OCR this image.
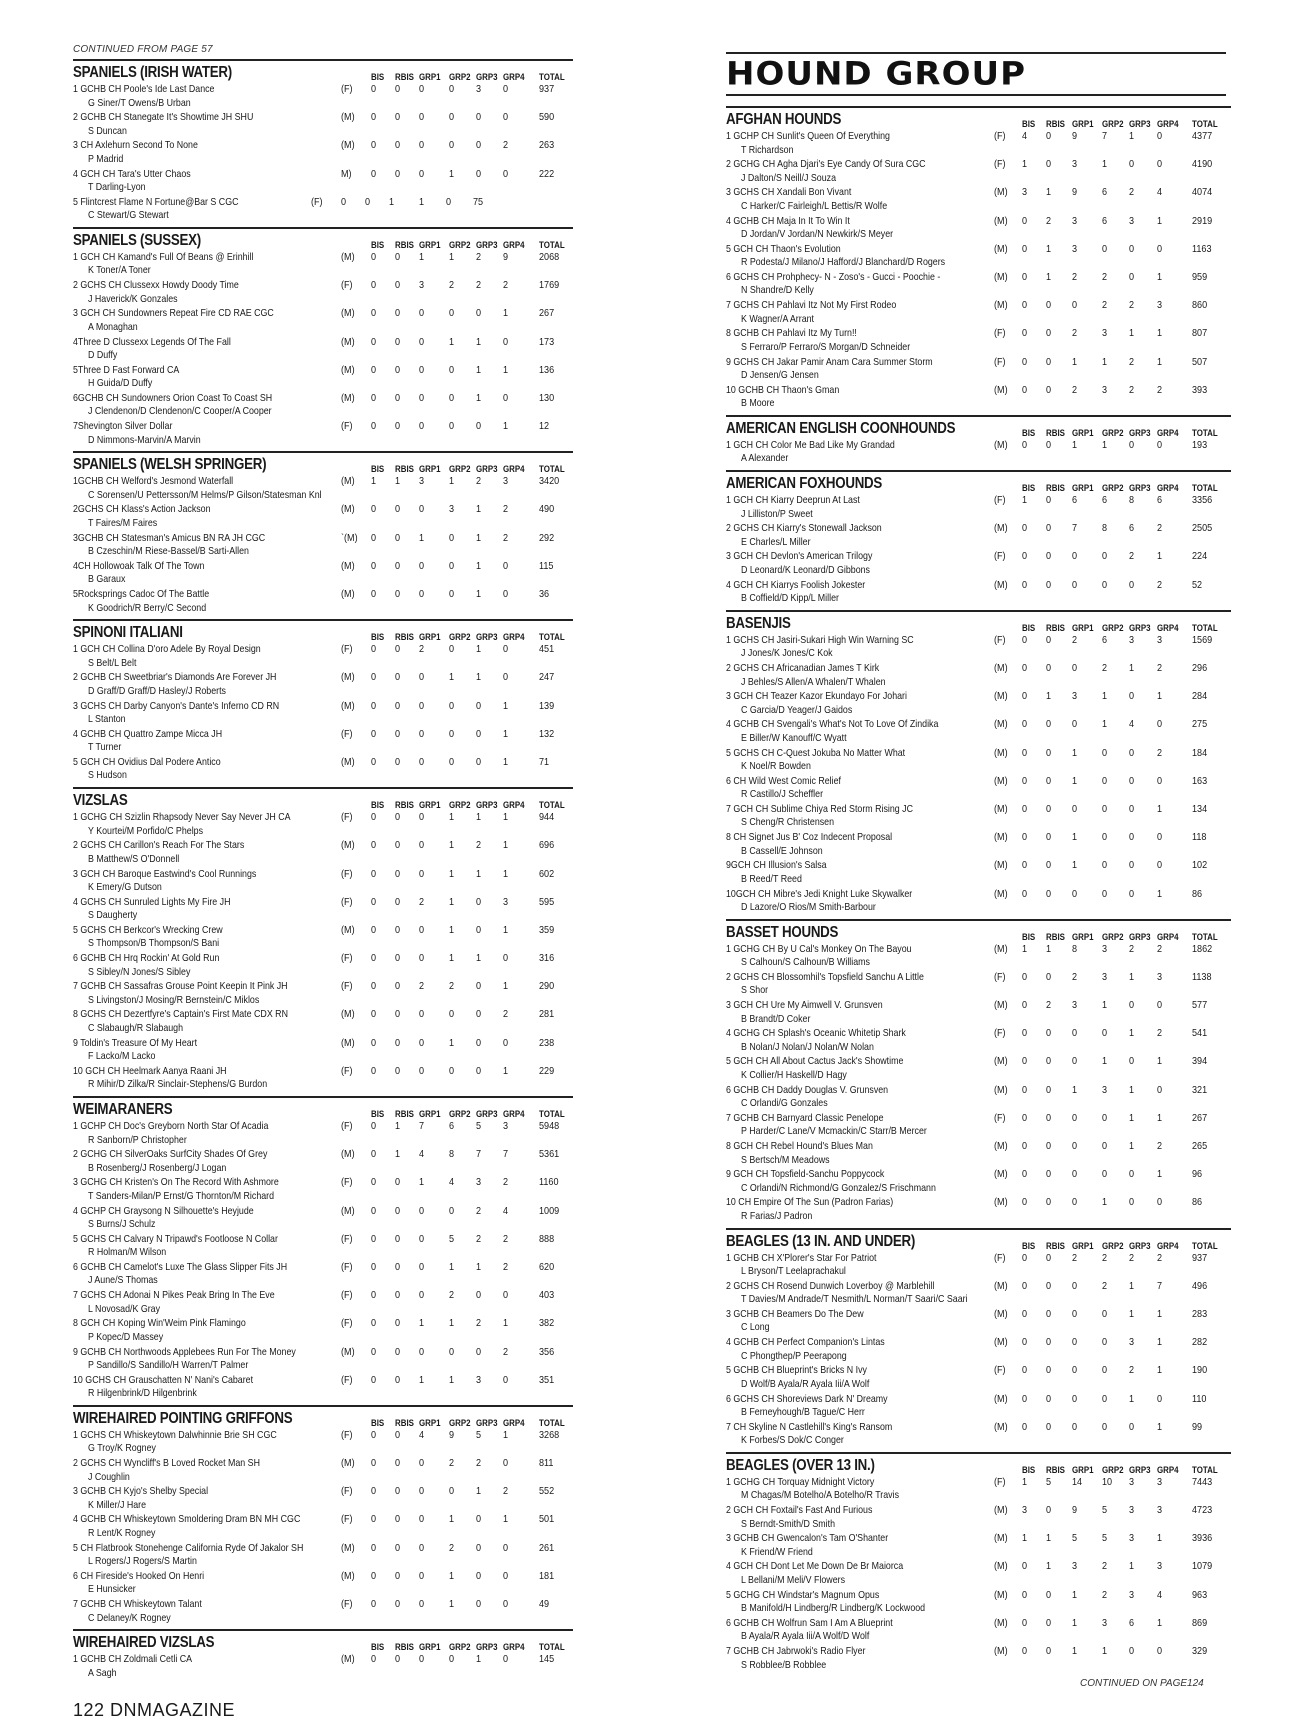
CONTINUED FROM PAGE 57
SPANIELS (IRISH WATER)	BIS RBIS GRP1 GRP2 GRP3 GRP4 TOTAL
1 GCHB CH Poole's Ide Last Dance	(F) 0 0 0 0 3 0	937
G Siner/T Owens/B Urban
2 GCHB CH Stanegate It's Showtime JH SHU	(M) 0 0 0 0 0 0	590
S Duncan
3 CH Axlehurn Second To None	(M) 0 0 0 0 0 2	263
P Madrid
4 GCH CH Tara's Utter Chaos	M) 0 0 0 1 0 0	222
T Darling-Lyon
5 Flintcrest Flame N Fortune@Bar S CGC	(F) 0 0 1 1 0 75
C Stewart/G Stewart
SPANIELS (SUSSEX)	BIS RBIS GRP1 GRP2 GRP3 GRP4 TOTAL
1 GCH CH Kamand's Full Of Beans @ Erinhill	(M) 0 0 1 1 2 9	2068
K Toner/A Toner
2 GCHS CH Clussexx Howdy Doody Time	(F) 0 0 3 2 2 2	1769
J Haverick/K Gonzales
3 GCH CH Sundowners Repeat Fire CD RAE CGC	(M) 0 0 0 0 0 1	267
A Monaghan
4Three D Clussexx Legends Of The Fall	(M) 0 0 0 1 1 0	173
D Duffy
5Three D Fast Forward CA	(M) 0 0 0 0 1 1	136
H Guida/D Duffy
6GCHB CH Sundowners Orion Coast To Coast SH	(M) 0 0 0 0 1 0	130
J Clendenon/D Clendenon/C Cooper/A Cooper
7Shevington Silver Dollar	(F) 0 0 0 0 0 1	12
D Nimmons-Marvin/A Marvin
SPANIELS (WELSH SPRINGER)	BIS RBIS GRP1 GRP2 GRP3 GRP4 TOTAL
1GCHB CH Welford's Jesmond Waterfall	(M) 1 1 3 1 2 3	3420
C Sorensen/U Pettersson/M Helms/P Gilson/Statesman Knl
2GCHS CH Klass's Action Jackson	(M) 0 0 0 3 1 2	490
T Faires/M Faires
3GCHB CH Statesman's Amicus BN RA JH CGC	`(M) 0 0 1 0 1 2	292
B Czeschin/M Riese-Bassel/B Sarti-Allen
4CH Hollowoak Talk Of The Town	(M) 0 0 0 0 1 0	115
B Garaux
5Rocksprings Cadoc Of The Battle	(M) 0 0 0 0 1 0	36
K Goodrich/R Berry/C Second
SPINONI ITALIANI	BIS RBIS GRP1 GRP2 GRP3 GRP4 TOTAL
1 GCH CH Collina D'oro Adele By Royal Design	(F) 0 0 2 0 1 0	451
S Belt/L Belt
2 GCHB CH Sweetbriar's Diamonds Are Forever JH	(M) 0 0 0 1 1 0	247
D Graff/D Graff/D Hasley/J Roberts
3 GCHS CH Darby Canyon's Dante's Inferno CD RN	(M) 0 0 0 0 0 1	139
L Stanton
4 GCHB CH Quattro Zampe Micca JH	(F) 0 0 0 0 0 1	132
T Turner
5 GCH CH Ovidius Dal Podere Antico	(M) 0 0 0 0 0 1	71
S Hudson
VIZSLAS	BIS RBIS GRP1 GRP2 GRP3 GRP4 TOTAL
1 GCHG CH Szizlin Rhapsody Never Say Never JH CA	(F) 0 0 0 1 1 1	944
Y Kourtei/M Porfido/C Phelps
2 GCHS CH Carillon's Reach For The Stars	(M) 0 0 0 1 2 1	696
B Matthew/S O'Donnell
3 GCH CH Baroque Eastwind's Cool Runnings	(F) 0 0 0 1 1 1	602
K Emery/G Dutson
4 GCHS CH Sunruled Lights My Fire JH	(F) 0 0 2 1 0 3	595
S Daugherty
5 GCHS CH Berkcor's Wrecking Crew	(M) 0 0 0 1 0 1	359
S Thompson/B Thompson/S Bani
6 GCHB CH Hrq Rockin' At Gold Run	(F) 0 0 0 1 1 0	316
S Sibley/N Jones/S Sibley
7 GCHB CH Sassafras Grouse Point Keepin It Pink JH	(F) 0 0 2 2 0 1	290
S Livingston/J Mosing/R Bernstein/C Miklos
8 GCHS CH Dezertfyre's Captain's First Mate CDX RN	(M) 0 0 0 0 0 2	281
C Slabaugh/R Slabaugh
9 Toldin's Treasure Of My Heart	(M) 0 0 0 1 0 0	238
F Lacko/M Lacko
10 GCH CH Heelmark Aanya Raani JH	(F) 0 0 0 0 0 1	229
R Mihir/D Zilka/R Sinclair-Stephens/G Burdon
WEIMARANERS	BIS RBIS GRP1 GRP2 GRP3 GRP4 TOTAL
1 GCHP CH Doc's Greyborn North Star Of Acadia	(F) 0 1 7 6 5 3	5948
R Sanborn/P Christopher
2 GCHG CH SilverOaks SurfCity Shades Of Grey	(M) 0 1 4 8 7 7	5361
B Rosenberg/J Rosenberg/J Logan
3 GCHG CH Kristen's On The Record With Ashmore	(F) 0 0 1 4 3 2	1160
T Sanders-Milan/P Ernst/G Thornton/M Richard
4 GCHP CH Graysong N Silhouette's Heyjude	(M) 0 0 0 0 2 4	1009
S Burns/J Schulz
5 GCHS CH Calvary N Tripawd's Footloose N Collar	(F) 0 0 0 5 2 2	888
R Holman/M Wilson
6 GCHB CH Camelot's Luxe The Glass Slipper Fits JH	(F) 0 0 0 1 1 2	620
J Aune/S Thomas
7 GCHS CH Adonai N Pikes Peak Bring In The Eve	(F) 0 0 0 2 0 0	403
L Novosad/K Gray
8 GCH CH Koping Win'Weim Pink Flamingo	(F) 0 0 1 1 2 1	382
P Kopec/D Massey
9 GCHB CH Northwoods Applebees Run For The Money	(M) 0 0 0 0 0 2	356
P Sandillo/S Sandillo/H Warren/T Palmer
10 GCHS CH Grauschatten N' Nani's Cabaret	(F) 0 0 1 1 3 0	351
R Hilgenbrink/D Hilgenbrink
WIREHAIRED POINTING GRIFFONS	BIS RBIS GRP1 GRP2 GRP3 GRP4 TOTAL
1 GCHS CH Whiskeytown Dalwhinnie Brie SH CGC	(F) 0 0 4 9 5 1	3268
G Troy/K Rogney
2 GCHS CH Wyncliff's B Loved Rocket Man SH	(M) 0 0 0 2 2 0	811
J Coughlin
3 GCHB CH Kyjo's Shelby Special	(F) 0 0 0 0 1 2	552
K Miller/J Hare
4 GCHB CH Whiskeytown Smoldering Dram BN MH CGC	(F) 0 0 0 1 0 1	501
R Lent/K Rogney
5 CH Flatbrook Stonehenge California Ryde Of Jakalor SH	(M) 0 0 0 2 0 0	261
L Rogers/J Rogers/S Martin
6 CH Fireside's Hooked On Henri	(M) 0 0 0 1 0 0	181
E Hunsicker
7 GCHB CH Whiskeytown Talant	(F) 0 0 0 1 0 0	49
C Delaney/K Rogney
WIREHAIRED VIZSLAS	BIS RBIS GRP1 GRP2 GRP3 GRP4 TOTAL
1 GCHB CH Zoldmali Cetli CA	(M) 0 0 0 0 1 0	145
A Sagh
HOUND GROUP
AFGHAN HOUNDS	BIS RBIS GRP1 GRP2 GRP3 GRP4 TOTAL
1 GCHP CH Sunlit's Queen Of Everything	(F) 4 0 9 7 1 0	4377
T Richardson
2 GCHG CH Agha Djari's Eye Candy Of Sura CGC	(F) 1 0 3 1 0 0	4190
J Dalton/S Neill/J Souza
3 GCHS CH Xandali Bon Vivant	(M) 3 1 9 6 2 4	4074
C Harker/C Fairleigh/L Bettis/R Wolfe
4 GCHB CH Maja In It To Win It	(M) 0 2 3 6 3 1	2919
D Jordan/V Jordan/N Newkirk/S Meyer
5 GCH CH Thaon's Evolution	(M) 0 1 3 0 0 0	1163
R Podesta/J Milano/J Hafford/J Blanchard/D Rogers
6 GCHS CH Prohphecy- N - Zoso's - Gucci - Poochie -	(M) 0 1 2 2 0 1	959
N Shandre/D Kelly
7 GCHS CH Pahlavi Itz Not My First Rodeo	(M) 0 0 0 2 2 3	860
K Wagner/A Arrant
8 GCHB CH Pahlavi Itz My Turn!!	(F) 0 0 2 3 1 1	807
S Ferraro/P Ferraro/S Morgan/D Schneider
9 GCHS CH Jakar Pamir Anam Cara Summer Storm	(F) 0 0 1 1 2 1	507
D Jensen/G Jensen
10 GCHB CH Thaon's Gman	(M) 0 0 2 3 2 2	393
B Moore
AMERICAN ENGLISH COONHOUNDS	BIS RBIS GRP1 GRP2 GRP3 GRP4 TOTAL
1 GCH CH Color Me Bad Like My Grandad	(M) 0 0 1 1 0 0	193
A Alexander
AMERICAN FOXHOUNDS	BIS RBIS GRP1 GRP2 GRP3 GRP4 TOTAL
1 GCH CH Kiarry Deeprun At Last	(F) 1 0 6 6 8 6	3356
J Lilliston/P Sweet
2 GCHS CH Kiarry's Stonewall Jackson	(M) 0 0 7 8 6 2	2505
E Charles/L Miller
3 GCH CH Devlon's American Trilogy	(F) 0 0 0 0 2 1	224
D Leonard/K Leonard/D Gibbons
4 GCH CH Kiarrys Foolish Jokester	(M) 0 0 0 0 0 2	52
B Coffield/D Kipp/L Miller
BASENJIS	BIS RBIS GRP1 GRP2 GRP3 GRP4 TOTAL
1 GCHS CH Jasiri-Sukari High Win Warning SC	(F) 0 0 2 6 3 3	1569
J Jones/K Jones/C Kok
2 GCHS CH Africanadian James T Kirk	(M) 0 0 0 2 1 2	296
J Behles/S Allen/A Whalen/T Whalen
3 GCH CH Teazer Kazor Ekundayo For Johari	(M) 0 1 3 1 0 1	284
C Garcia/D Yeager/J Gaidos
4 GCHB CH Svengali's What's Not To Love Of Zindika	(M) 0 0 0 1 4 0	275
E Biller/W Kanouff/C Wyatt
5 GCHS CH C-Quest Jokuba No Matter What	(M) 0 0 1 0 0 2	184
K Noel/R Bowden
6 CH Wild West Comic Relief	(M) 0 0 1 0 0 0	163
R Castillo/J Scheffler
7 GCH CH Sublime Chiya Red Storm Rising JC	(M) 0 0 0 0 0 1	134
S Cheng/R Christensen
8 CH Signet Jus B' Coz Indecent Proposal	(M) 0 0 1 0 0 0	118
B Cassell/E Johnson
9GCH CH Illusion's Salsa	(M) 0 0 1 0 0 0	102
B Reed/T Reed
10GCH CH Mibre's Jedi Knight Luke Skywalker	(M) 0 0 0 0 0 1	86
D Lazore/O Rios/M Smith-Barbour
BASSET HOUNDS	BIS RBIS GRP1 GRP2 GRP3 GRP4 TOTAL
1 GCHG CH By U Cal's Monkey On The Bayou	(M) 1 1 8 3 2 2	1862
S Calhoun/S Calhoun/B Williams
2 GCHS CH Blossomhil's Topsfield Sanchu A Little	(F) 0 0 2 3 1 3	1138
S Shor
3 GCH CH Ure My Aimwell V. Grunsven	(M) 0 2 3 1 0 0	577
B Brandt/D Coker
4 GCHG CH Splash's Oceanic Whitetip Shark	(F) 0 0 0 0 1 2	541
B Nolan/J Nolan/J Nolan/W Nolan
5 GCH CH All About Cactus Jack's Showtime	(M) 0 0 0 1 0 1	394
K Collier/H Haskell/D Hagy
6 GCHB CH Daddy Douglas V. Grunsven	(M) 0 0 1 3 1 0	321
C Orlandi/G Gonzales
7 GCHB CH Barnyard Classic Penelope	(F) 0 0 0 0 1 1	267
P Harder/C Lane/V Mcmackin/C Starr/B Mercer
8 GCH CH Rebel Hound's Blues Man	(M) 0 0 0 0 1 2	265
S Bertsch/M Meadows
9 GCH CH Topsfield-Sanchu Poppycock	(M) 0 0 0 0 0 1	96
C Orlandi/N Richmond/G Gonzalez/S Frischmann
10 CH Empire Of The Sun (Padron Farias)	(M) 0 0 0 1 0 0	86
R Farias/J Padron
BEAGLES (13 IN. AND UNDER)	BIS RBIS GRP1 GRP2 GRP3 GRP4 TOTAL
1 GCHB CH X'Plorer's Star For Patriot	(F) 0 0 2 2 2 2	937
L Bryson/T Leelaprachakul
2 GCHS CH Rosend Dunwich Loverboy @ Marblehill	(M) 0 0 0 2 1 7	496
T Davies/M Andrade/T Nesmith/L Norman/T Saari/C Saari
3 GCHB CH Beamers Do The Dew	(M) 0 0 0 0 1 1	283
C Long
4 GCHB CH Perfect Companion's Lintas	(M) 0 0 0 0 3 1	282
C Phongthep/P Peerapong
5 GCHB CH Blueprint's Bricks N Ivy	(F) 0 0 0 0 2 1	190
D Wolf/B Ayala/R Ayala Iii/A Wolf
6 GCHS CH Shoreviews Dark N' Dreamy	(M) 0 0 0 0 1 0	110
B Ferneyhough/B Tague/C Herr
7 CH Skyline N Castlehill's King's Ransom	(M) 0 0 0 0 0 1	99
K Forbes/S Dok/C Conger
BEAGLES (OVER 13 IN.)	BIS RBIS GRP1 GRP2 GRP3 GRP4 TOTAL
1 GCHG CH Torquay Midnight Victory	(F) 1 5 14 10 3 3	7443
M Chagas/M Botelho/A Botelho/R Travis
2 GCH CH Foxtail's Fast And Furious	(M) 3 0 9 5 3 3	4723
S Berndt-Smith/D Smith
3 GCHB CH Gwencalon's Tam O'Shanter	(M) 1 1 5 5 3 1	3936
K Friend/W Friend
4 GCH CH Dont Let Me Down De Br Maiorca	(M) 0 1 3 2 1 3	1079
L Bellani/M Meli/V Flowers
5 GCHG CH Windstar's Magnum Opus	(M) 0 0 1 2 3 4	963
B Manifold/H Lindberg/R Lindberg/K Lockwood
6 GCHB CH Wolfrun Sam I Am A Blueprint	(M) 0 0 1 3 6 1	869
B Ayala/R Ayala Iii/A Wolf/D Wolf
7 GCHB CH Jabrwoki's Radio Flyer	(M) 0 0 1 1 0 0	329
S Robblee/B Robblee
122 DNMAGAZINE
CONTINUED ON PAGE124
